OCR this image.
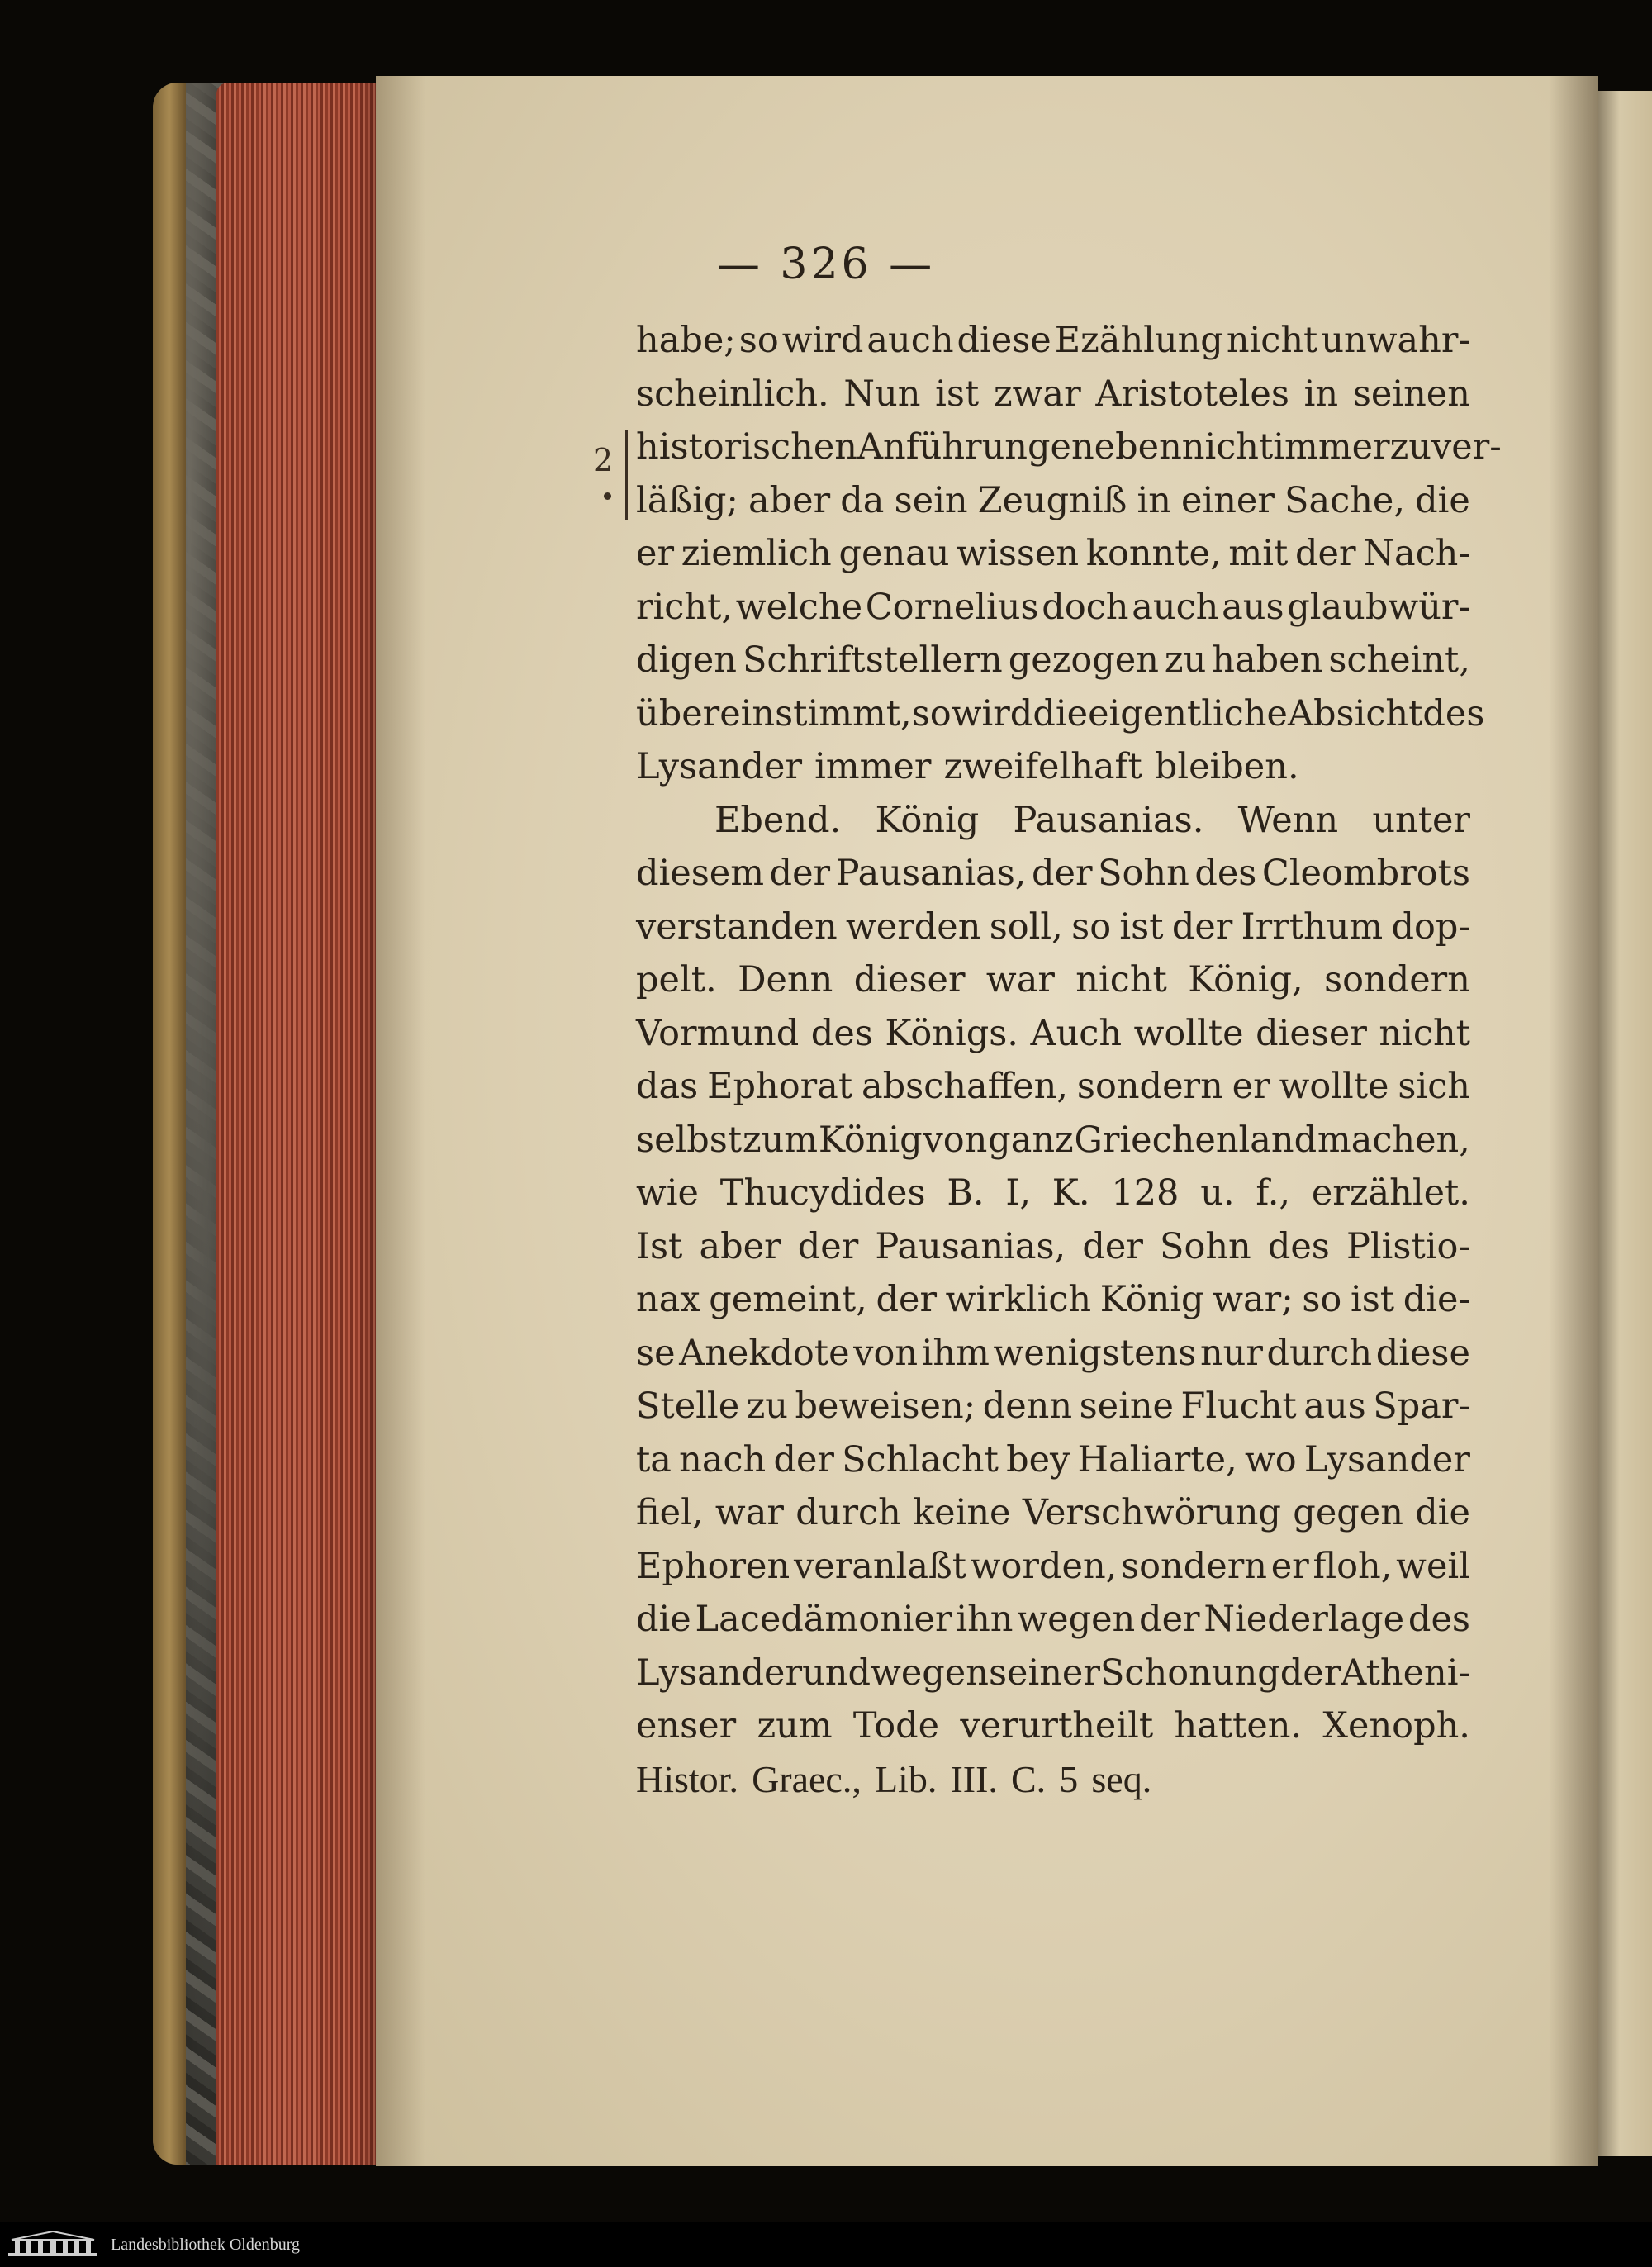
— 326 —
2
habe; so wird auch diese Ezählung nicht unwahr-
scheinlich. Nun ist zwar Aristoteles in seinen
historischen Anführungen eben nicht immer zuver-
läßig; aber da sein Zeugniß in einer Sache, die
er ziemlich genau wissen konnte, mit der Nach-
richt, welche Cornelius doch auch aus glaubwür-
digen Schriftstellern gezogen zu haben scheint,
übereinstimmt, so wird die eigentliche Absicht des
Lysander immer zweifelhaft bleiben.
Ebend. König Pausanias. Wenn unter
diesem der Pausanias, der Sohn des Cleombrots
verstanden werden soll, so ist der Irrthum dop-
pelt. Denn dieser war nicht König, sondern
Vormund des Königs. Auch wollte dieser nicht
das Ephorat abschaffen, sondern er wollte sich
selbst zum König von ganz Griechenland machen,
wie Thucydides B. I, K. 128 u. f., erzählet.
Ist aber der Pausanias, der Sohn des Plistio-
nax gemeint, der wirklich König war; so ist die-
se Anekdote von ihm wenigstens nur durch diese
Stelle zu beweisen; denn seine Flucht aus Spar-
ta nach der Schlacht bey Haliarte, wo Lysander
fiel, war durch keine Verschwörung gegen die
Ephoren veranlaßt worden, sondern er floh, weil
die Lacedämonier ihn wegen der Niederlage des
Lysander und wegen seiner Schonung der Atheni-
enser zum Tode verurtheilt hatten. Xenoph.
Histor. Graec., Lib. III. C. 5 seq.
Landesbibliothek Oldenburg
